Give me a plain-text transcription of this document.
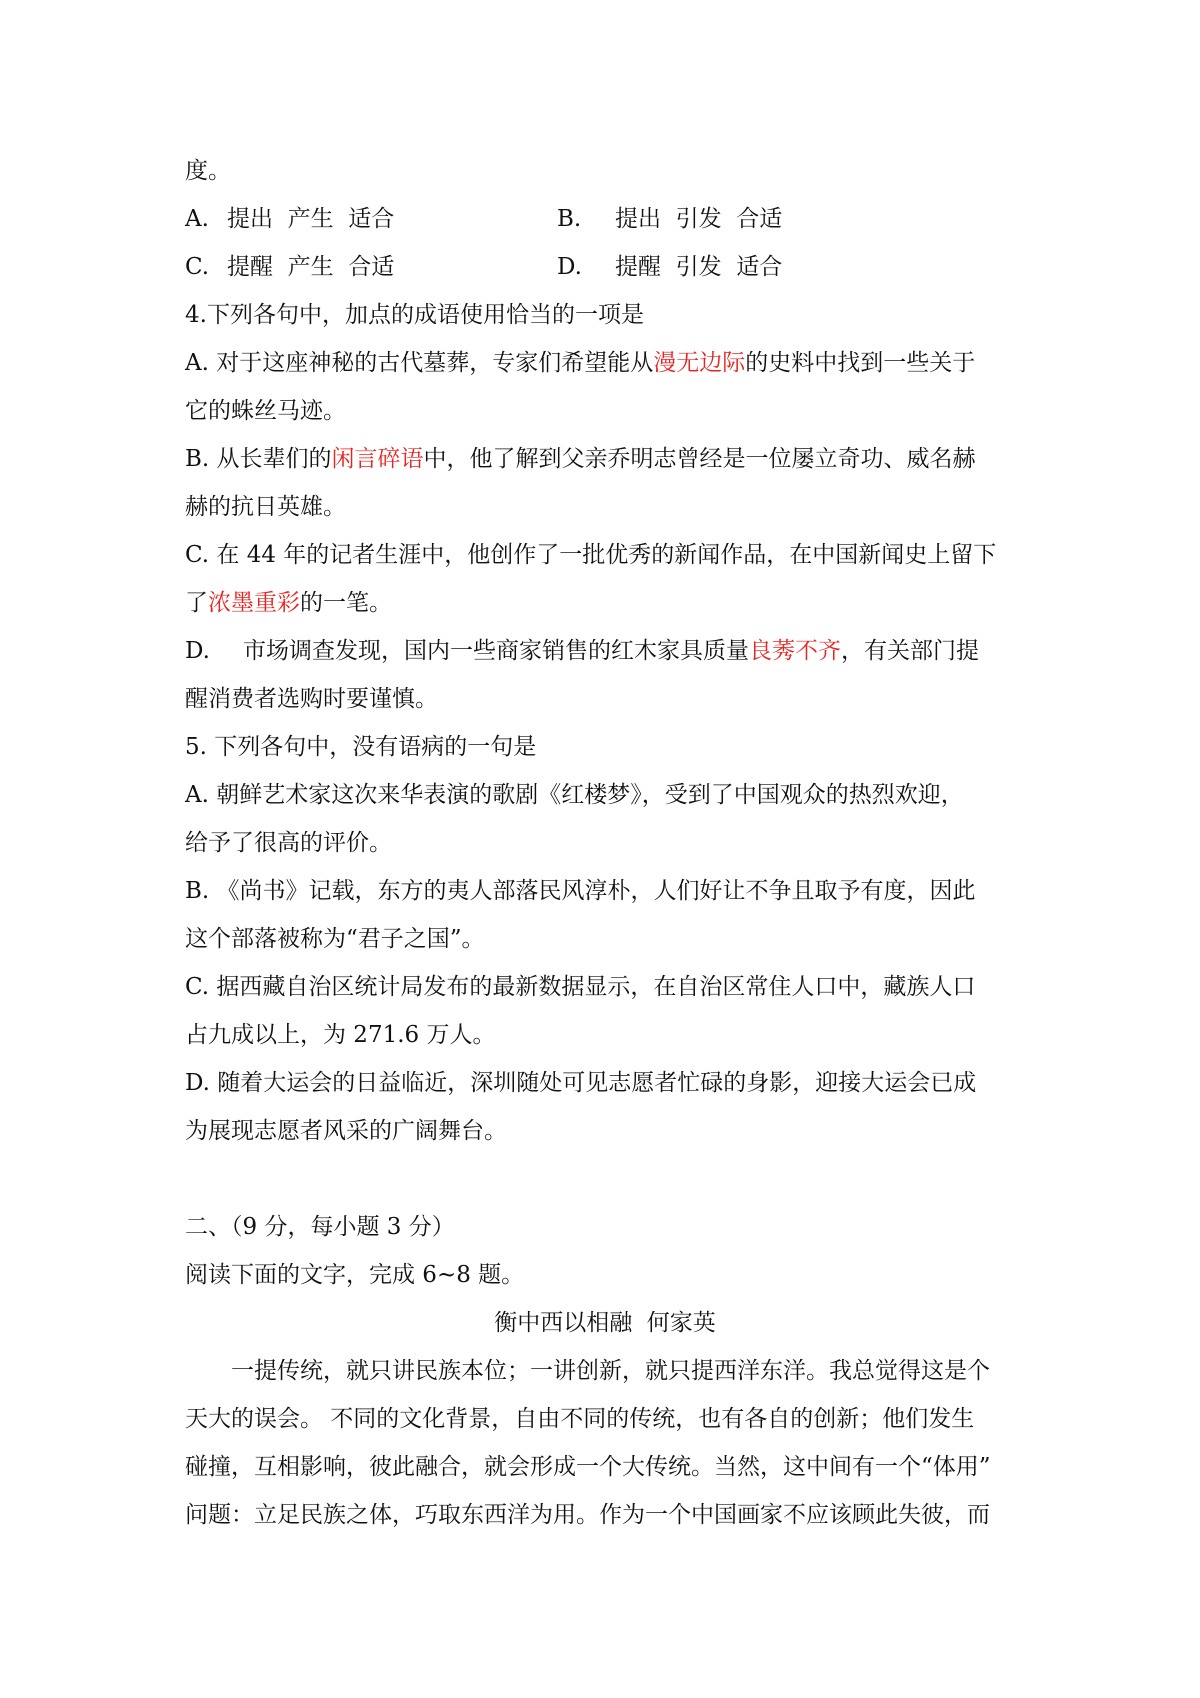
度。
A. 提出  产生  适合	B. 提出  引发  合适
C. 提醒  产生  合适	D. 提醒  引发  适合
4.下列各句中，加点的成语使用恰当的一项是
A. 对于这座神秘的古代墓葬，专家们希望能从漫无边际的史料中找到一些关于
它的蛛丝马迹。
B. 从长辈们的闲言碎语中，他了解到父亲乔明志曾经是一位屡立奇功、威名赫
赫的抗日英雄。
C. 在 44 年的记者生涯中，他创作了一批优秀的新闻作品，在中国新闻史上留下
了浓墨重彩的一笔。
D. 市场调查发现，国内一些商家销售的红木家具质量良莠不齐，有关部门提
醒消费者选购时要谨慎。
5. 下列各句中，没有语病的一句是
A. 朝鲜艺术家这次来华表演的歌剧《红楼梦》，受到了中国观众的热烈欢迎，
给予了很高的评价。
B. 《尚书》记载，东方的夷人部落民风淳朴，人们好让不争且取予有度，因此
这个部落被称为“君子之国”。
C. 据西藏自治区统计局发布的最新数据显示，在自治区常住人口中，藏族人口
占九成以上，为 271.6 万人。
D. 随着大运会的日益临近，深圳随处可见志愿者忙碌的身影，迎接大运会已成
为展现志愿者风采的广阔舞台。
二、（9 分，每小题 3 分）
阅读下面的文字，完成 6~8 题。
衡中西以相融  何家英
一提传统，就只讲民族本位；一讲创新，就只提西洋东洋。我总觉得这是个
天大的误会。 不同的文化背景，自由不同的传统，也有各自的创新；他们发生
碰撞，互相影响，彼此融合，就会形成一个大传统。当然，这中间有一个“体用”
问题：立足民族之体，巧取东西洋为用。作为一个中国画家不应该顾此失彼，而
